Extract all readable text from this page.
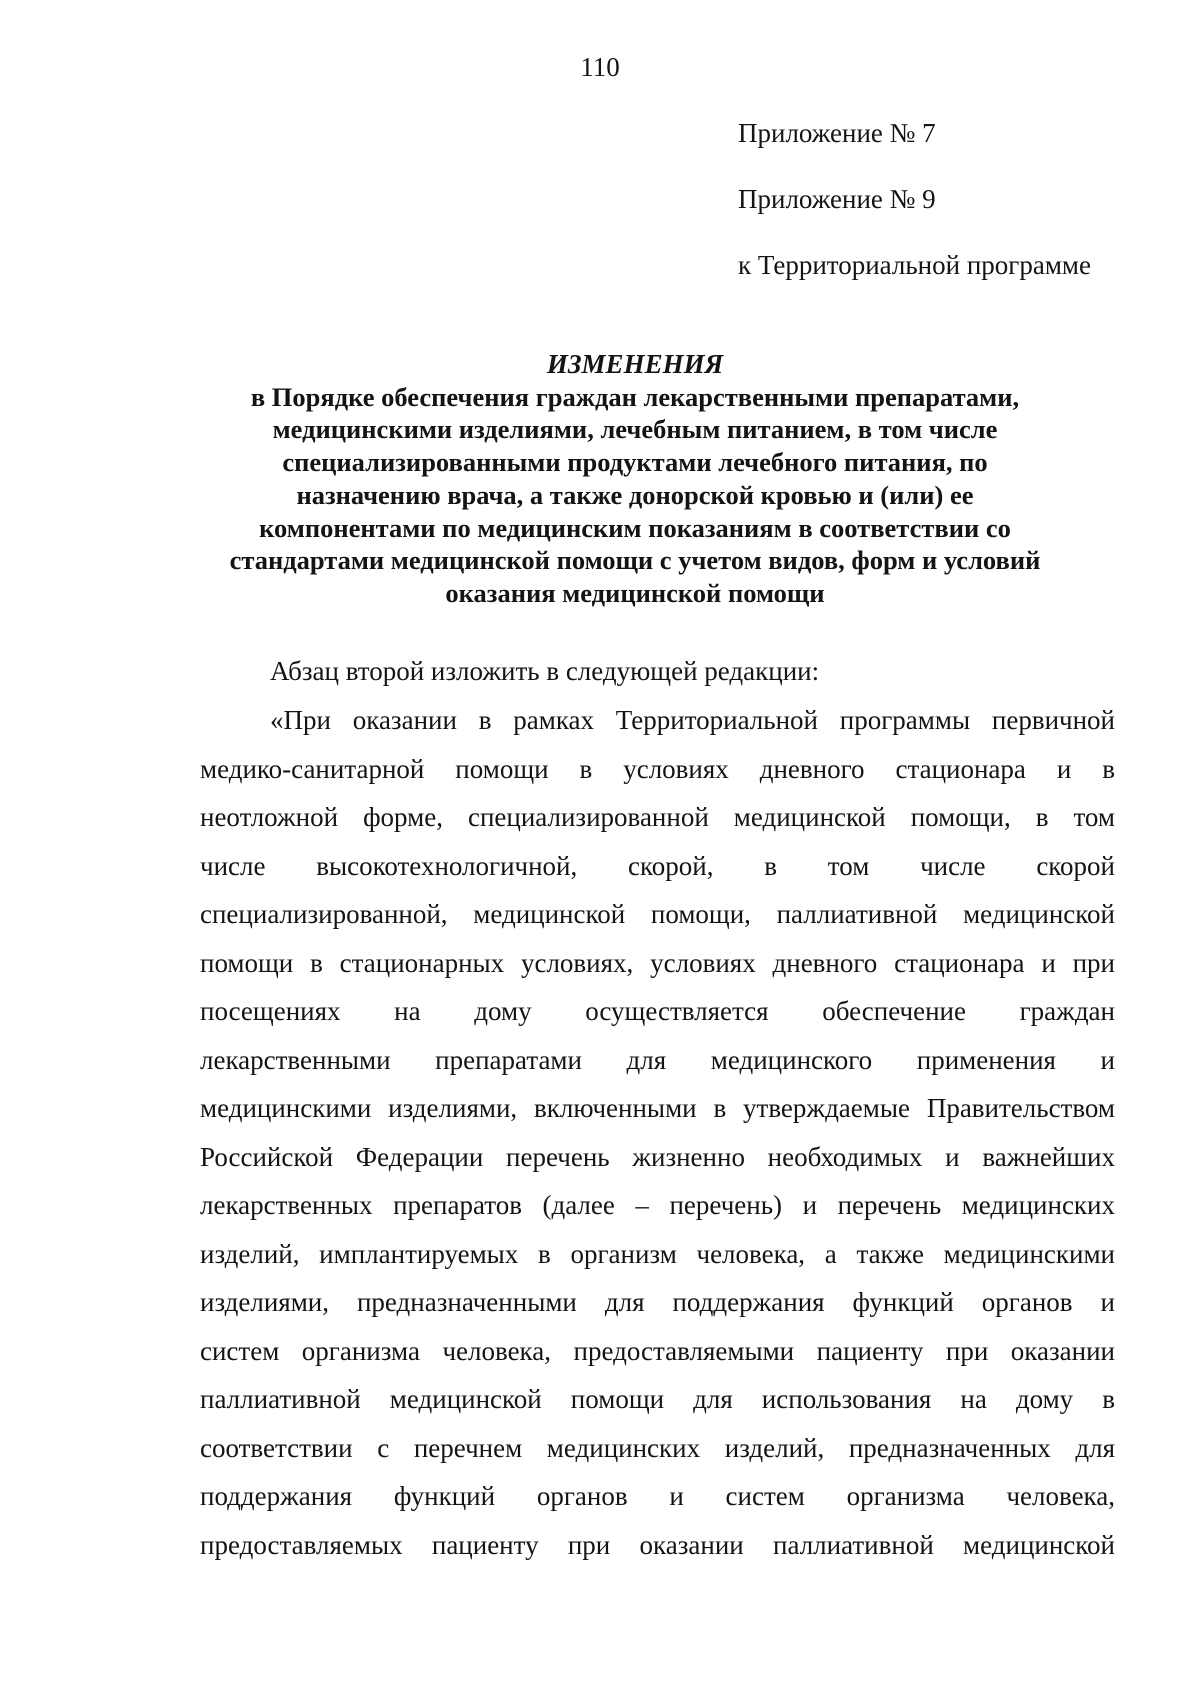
110
Приложение № 7
Приложение № 9
к Территориальной программе
ИЗМЕНЕНИЯ
в Порядке обеспечения граждан лекарственными препаратами,
медицинскими изделиями, лечебным питанием, в том числе
специализированными продуктами лечебного питания, по
назначению врача, а также донорской кровью и (или) ее
компонентами по медицинским показаниям в соответствии со
стандартами медицинской помощи с учетом видов, форм и условий
оказания медицинской помощи
Абзац второй изложить в следующей редакции:
«При оказании в рамках Территориальной программы первичной
медико-санитарной помощи в условиях дневного стационара и в
неотложной форме, специализированной медицинской помощи, в том
числе высокотехнологичной, скорой, в том числе скорой
специализированной, медицинской помощи, паллиативной медицинской
помощи в стационарных условиях, условиях дневного стационара и при
посещениях на дому осуществляется обеспечение граждан
лекарственными препаратами для медицинского применения и
медицинскими изделиями, включенными в утверждаемые Правительством
Российской Федерации перечень жизненно необходимых и важнейших
лекарственных препаратов (далее – перечень) и перечень медицинских
изделий, имплантируемых в организм человека, а также медицинскими
изделиями, предназначенными для поддержания функций органов и
систем организма человека, предоставляемыми пациенту при оказании
паллиативной медицинской помощи для использования на дому в
соответствии с перечнем медицинских изделий, предназначенных для
поддержания функций органов и систем организма человека,
предоставляемых пациенту при оказании паллиативной медицинской
